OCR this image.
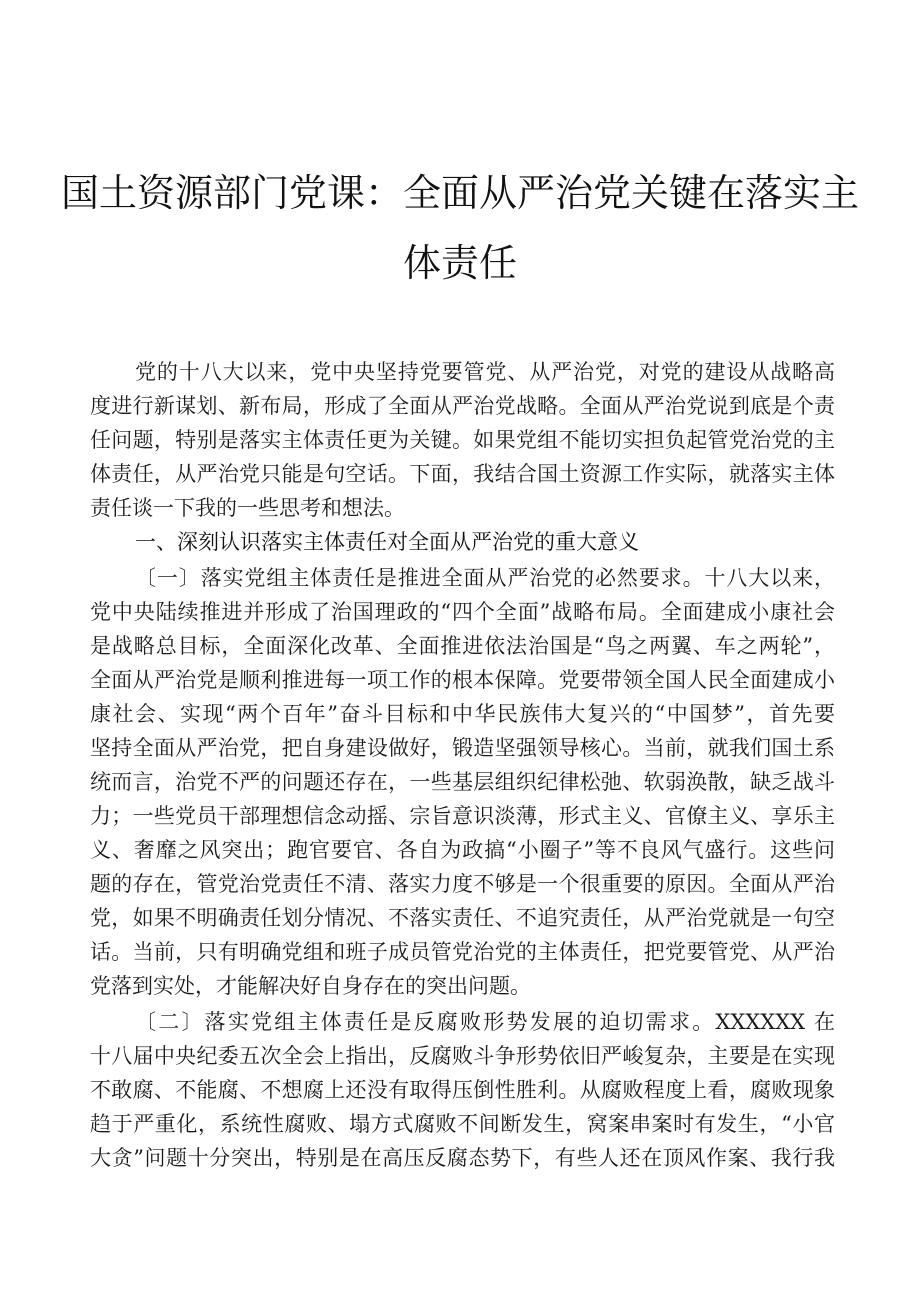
国土资源部门党课：全面从严治党关键在落实主
体责任
党的十八大以来，党中央坚持党要管党、从严治党，对党的建设从战略高
度进行新谋划、新布局，形成了全面从严治党战略。全面从严治党说到底是个责
任问题，特别是落实主体责任更为关键。如果党组不能切实担负起管党治党的主
体责任，从严治党只能是句空话。下面，我结合国土资源工作实际，就落实主体
责任谈一下我的一些思考和想法。
一、深刻认识落实主体责任对全面从严治党的重大意义
〔一〕落实党组主体责任是推进全面从严治党的必然要求。十八大以来，
党中央陆续推进并形成了治国理政的“四个全面”战略布局。全面建成小康社会
是战略总目标，全面深化改革、全面推进依法治国是“鸟之两翼、车之两轮”，
全面从严治党是顺利推进每一项工作的根本保障。党要带领全国人民全面建成小
康社会、实现“两个百年”奋斗目标和中华民族伟大复兴的“中国梦”，首先要
坚持全面从严治党，把自身建设做好，锻造坚强领导核心。当前，就我们国土系
统而言，治党不严的问题还存在，一些基层组织纪律松弛、软弱涣散，缺乏战斗
力；一些党员干部理想信念动摇、宗旨意识淡薄，形式主义、官僚主义、享乐主
义、奢靡之风突出；跑官要官、各自为政搞“小圈子”等不良风气盛行。这些问
题的存在，管党治党责任不清、落实力度不够是一个很重要的原因。全面从严治
党，如果不明确责任划分情况、不落实责任、不追究责任，从严治党就是一句空
话。当前，只有明确党组和班子成员管党治党的主体责任，把党要管党、从严治
党落到实处，才能解决好自身存在的突出问题。
〔二〕落实党组主体责任是反腐败形势发展的迫切需求。XXXXXX 在
十八届中央纪委五次全会上指出，反腐败斗争形势依旧严峻复杂，主要是在实现
不敢腐、不能腐、不想腐上还没有取得压倒性胜利。从腐败程度上看，腐败现象
趋于严重化，系统性腐败、塌方式腐败不间断发生，窝案串案时有发生，“小官
大贪”问题十分突出，特别是在高压反腐态势下，有些人还在顶风作案、我行我
